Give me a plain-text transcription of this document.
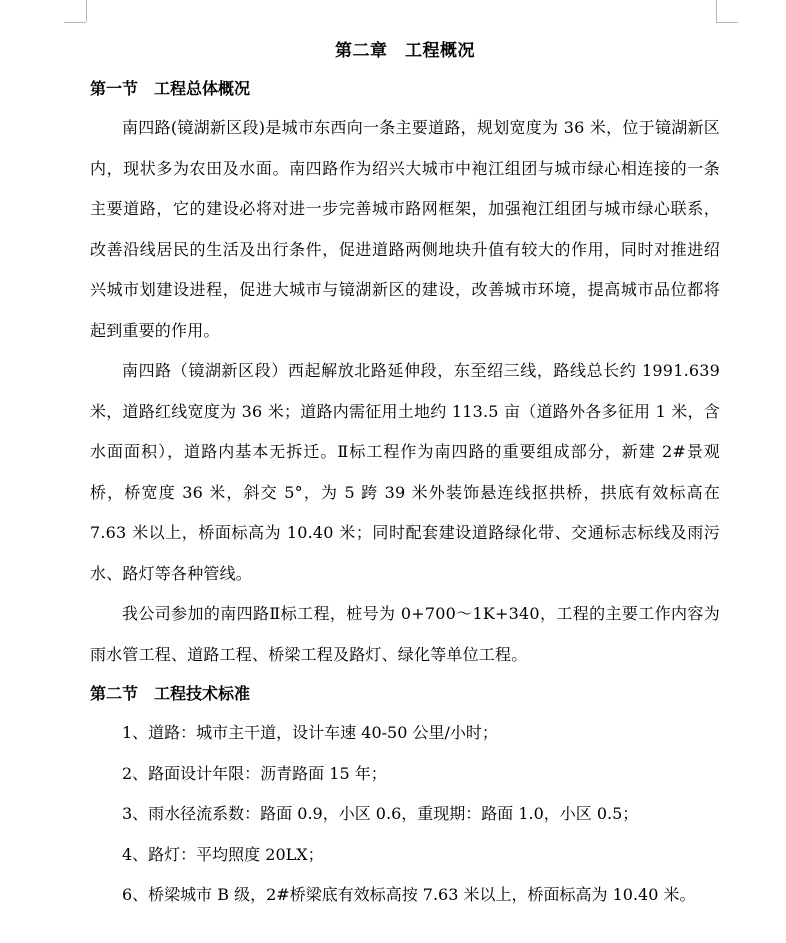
第二章　工程概况
第一节　工程总体概况

南四路(镜湖新区段)是城市东西向一条主要道路，规划宽度为 36 米，位于镜湖新区内，现状多为农田及水面。南四路作为绍兴大城市中袍江组团与城市绿心相连接的一条主要道路，它的建设必将对进一步完善城市路网框架，加强袍江组团与城市绿心联系，改善沿线居民的生活及出行条件，促进道路两侧地块升值有较大的作用，同时对推进绍兴城市划建设进程，促进大城市与镜湖新区的建设，改善城市环境，提高城市品位都将起到重要的作用。

南四路（镜湖新区段）西起解放北路延伸段，东至绍三线，路线总长约 1991.639 米，道路红线宽度为 36 米；道路内需征用土地约 113.5 亩（道路外各多征用 1 米，含水面面积），道路内基本无拆迁。Ⅱ标工程作为南四路的重要组成部分，新建 2#景观桥，桥宽度 36 米，斜交 5°，为 5 跨 39 米外装饰悬连线抠拱桥，拱底有效标高在 7.63 米以上，桥面标高为 10.40 米；同时配套建设道路绿化带、交通标志标线及雨污水、路灯等各种管线。

我公司参加的南四路Ⅱ标工程，桩号为 0+700～1K+340，工程的主要工作内容为雨水管工程、道路工程、桥梁工程及路灯、绿化等单位工程。

第二节　工程技术标准

1、道路：城市主干道，设计车速 40-50 公里/小时；

2、路面设计年限：沥青路面 15 年；

3、雨水径流系数：路面 0.9，小区 0.6，重现期：路面 1.0，小区 0.5；

4、路灯：平均照度 20LX；

6、桥梁城市 B 级，2#桥梁底有效标高按 7.63 米以上，桥面标高为 10.40 米。
